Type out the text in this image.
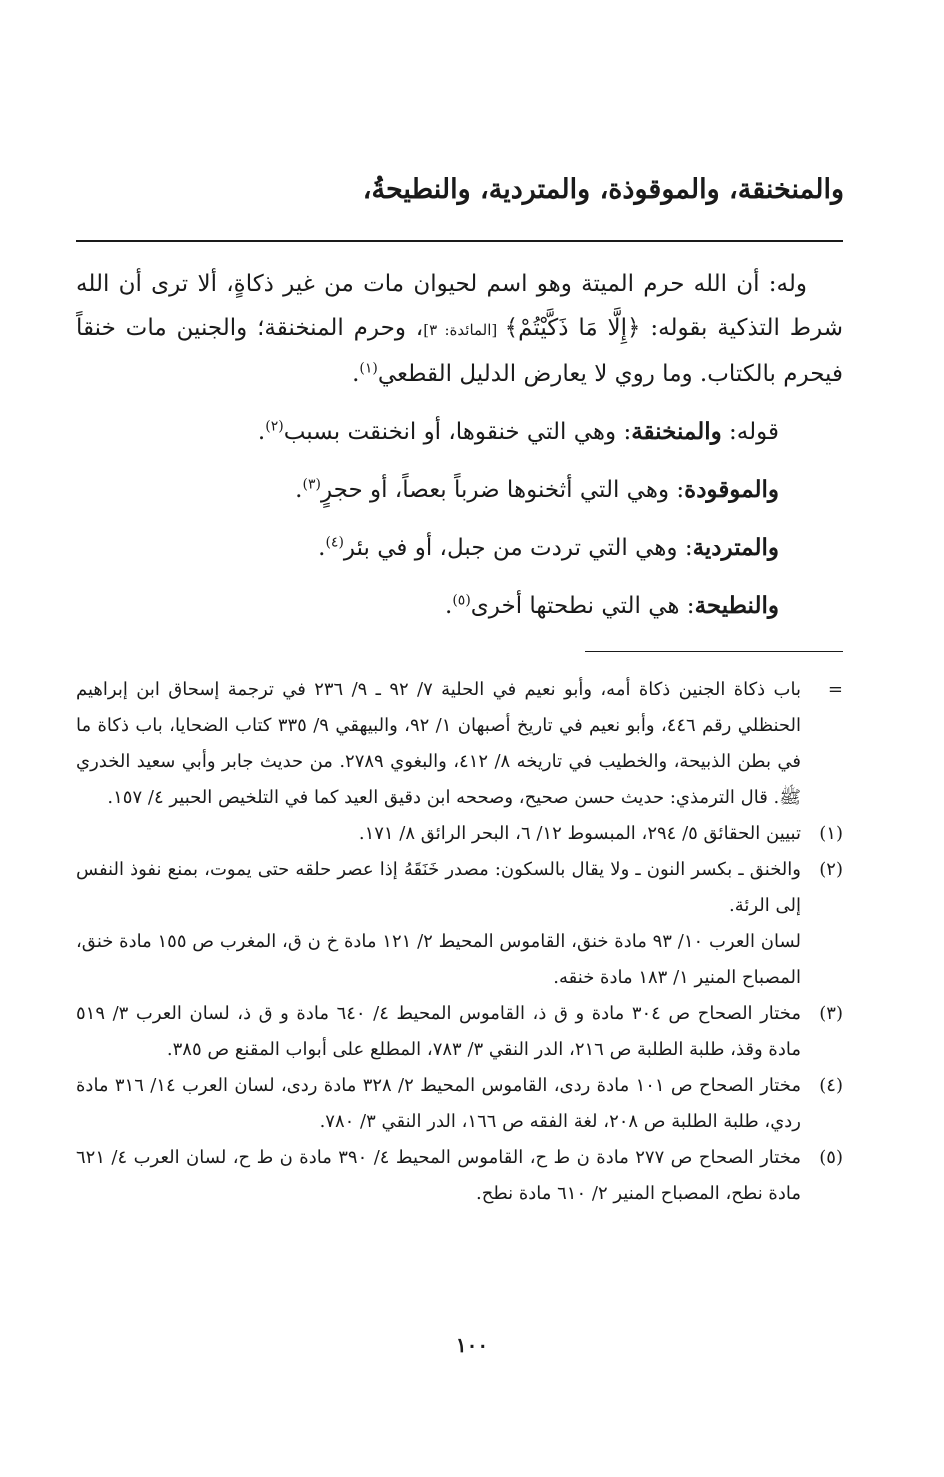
والمنخنقة، والموقوذة، والمتردية، والنطيحةُ،

وله: أن الله حرم الميتة وهو اسم لحيوان مات من غير ذكاةٍ، ألا ترى أن الله شرط التذكية بقوله: ﴿إِلَّا مَا ذَكَّيْتُمْ﴾ [المائدة: ٣]، وحرم المنخنقة؛ والجنين مات خنقاً فيحرم بالكتاب. وما روي لا يعارض الدليل القطعي$^{(١)}$.

قوله: والمنخنقة: وهي التي خنقوها، أو انخنقت بسبب$^{(٢)}$.

والموقودة: وهي التي أثخنوها ضرباً بعصاً، أو حجرٍ$^{(٣)}$.

والمتردية: وهي التي تردت من جبل، أو في بئر$^{(٤)}$.

والنطيحة: هي التي نطحتها أخرى$^{(٥)}$.

=

باب ذكاة الجنين ذكاة أمه، وأبو نعيم في الحلية ٧/ ٩٢ ـ ٩/ ٢٣٦ في ترجمة إسحاق ابن إبراهيم الحنظلي رقم ٤٤٦، وأبو نعيم في تاريخ أصبهان ١/ ٩٢، والبيهقي ٩/ ٣٣٥ كتاب الضحايا، باب ذكاة ما في بطن الذبيحة، والخطيب في تاريخه ٨/ ٤١٢، والبغوي ٢٧٨٩. من حديث جابر وأبي سعيد الخدري ﷺ. قال الترمذي: حديث حسن صحيح، وصححه ابن دقيق العيد كما في التلخيص الحبير ٤/ ١٥٧.

(١)

تبيين الحقائق ٥/ ٢٩٤، المبسوط ١٢/ ٦، البحر الرائق ٨/ ١٧١.

(٢)

والخنق ـ بكسر النون ـ ولا يقال بالسكون: مصدر خَنَقَهُ إذا عصر حلقه حتى يموت، بمنع نفوذ النفس إلى الرئة.

لسان العرب ١٠/ ٩٣ مادة خنق، القاموس المحيط ٢/ ١٢١ مادة خ ن ق، المغرب ص ١٥٥ مادة خنق، المصباح المنير ١/ ١٨٣ مادة خنقه.

(٣)

مختار الصحاح ص ٣٠٤ مادة و ق ذ، القاموس المحيط ٤/ ٦٤٠ مادة و ق ذ، لسان العرب ٣/ ٥١٩ مادة وقذ، طلبة الطلبة ص ٢١٦، الدر النقي ٣/ ٧٨٣، المطلع على أبواب المقنع ص ٣٨٥.

(٤)

مختار الصحاح ص ١٠١ مادة ردى، القاموس المحيط ٢/ ٣٢٨ مادة ردى، لسان العرب ١٤/ ٣١٦ مادة ردي، طلبة الطلبة ص ٢٠٨، لغة الفقه ص ١٦٦، الدر النقي ٣/ ٧٨٠.

(٥)

مختار الصحاح ص ٢٧٧ مادة ن ط ح، القاموس المحيط ٤/ ٣٩٠ مادة ن ط ح، لسان العرب ٤/ ٦٢١ مادة نطح، المصباح المنير ٢/ ٦١٠ مادة نطح.

١٠٠
